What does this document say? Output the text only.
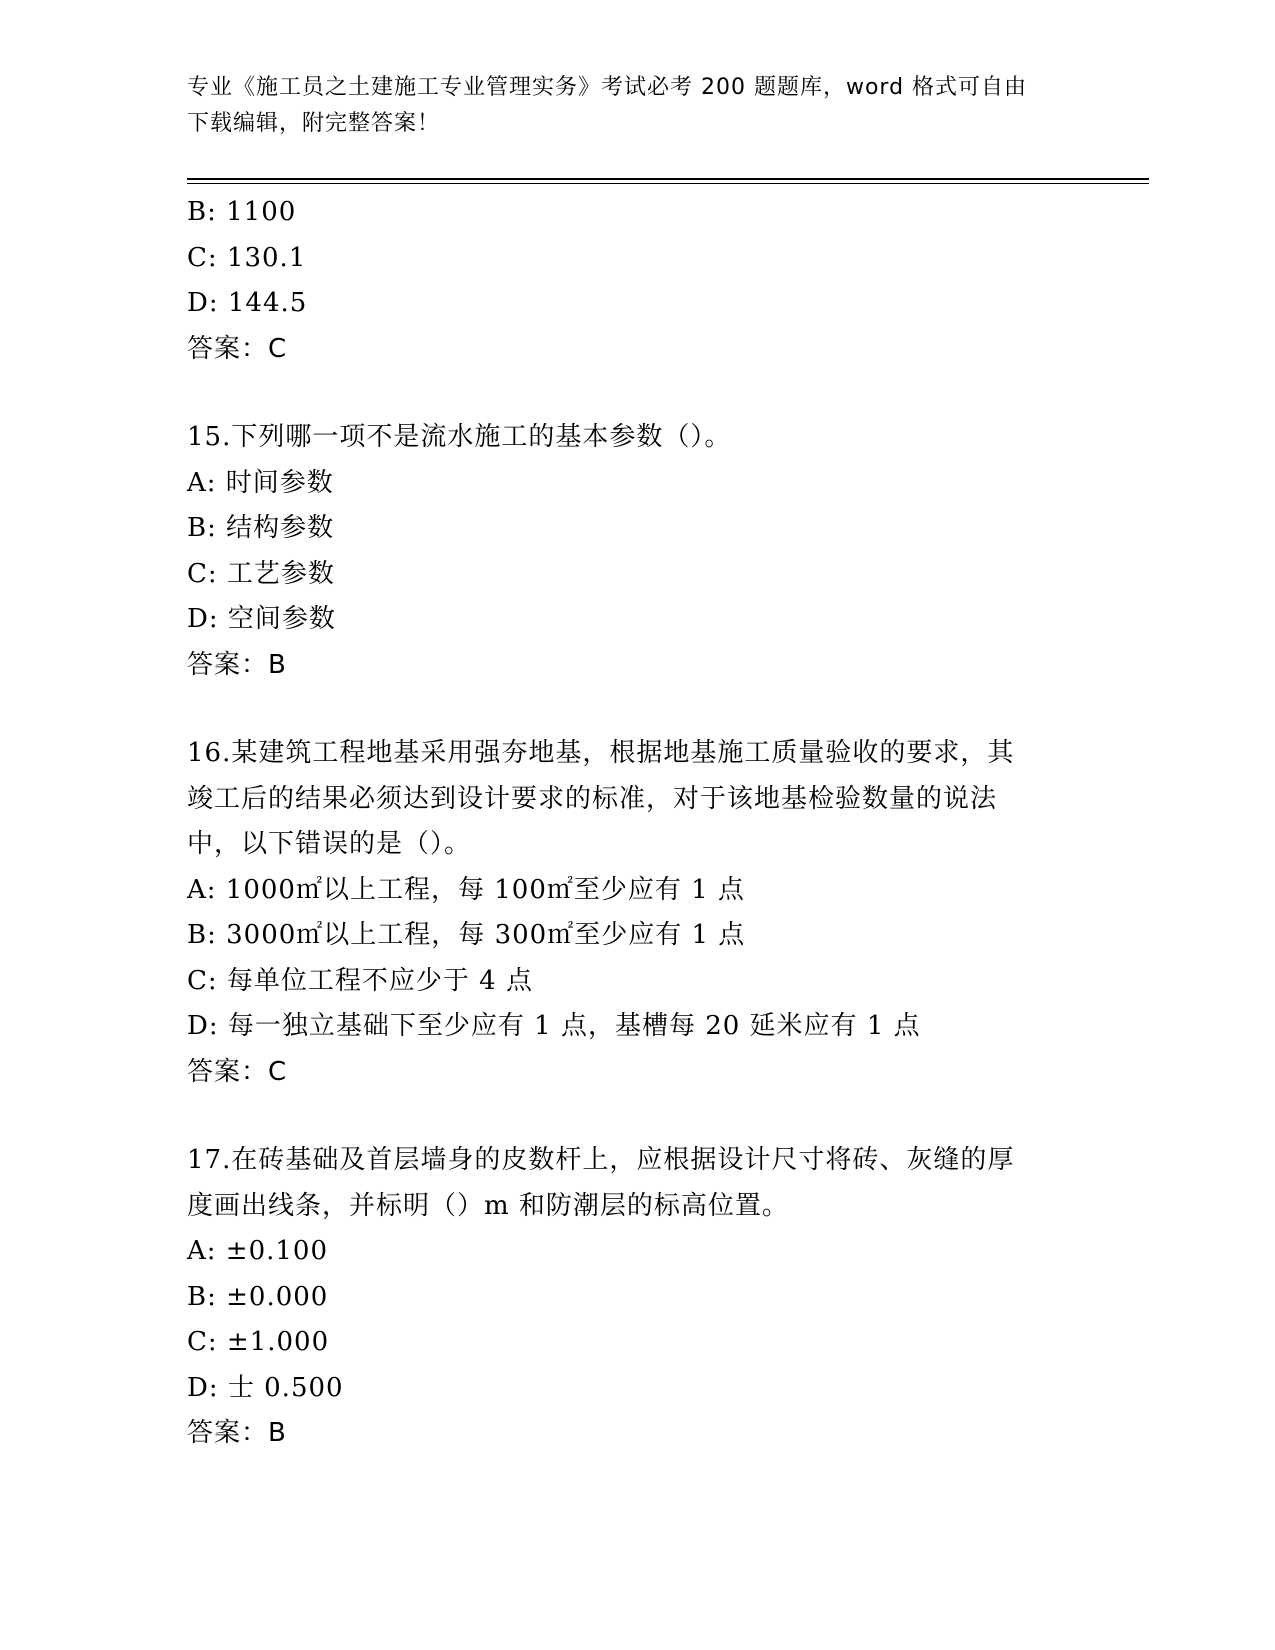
专业《施工员之土建施工专业管理实务》考试必考 200 题题库，word 格式可自由
下载编辑，附完整答案！
B: 1100
C: 130.1
D: 144.5
答案：C
15.下列哪一项不是流水施工的基本参数（）。
A: 时间参数
B: 结构参数
C: 工艺参数
D: 空间参数
答案：B
16.某建筑工程地基采用强夯地基，根据地基施工质量验收的要求，其
竣工后的结果必须达到设计要求的标准，对于该地基检验数量的说法
中，以下错误的是（）。
A: 1000㎡以上工程，每 100㎡至少应有 1 点
B: 3000㎡以上工程，每 300㎡至少应有 1 点
C: 每单位工程不应少于 4 点
D: 每一独立基础下至少应有 1 点，基槽每 20 延米应有 1 点
答案：C
17.在砖基础及首层墙身的皮数杆上，应根据设计尺寸将砖、灰缝的厚
度画出线条，并标明（）m 和防潮层的标高位置。
A: ±0.100
B: ±0.000
C: ±1.000
D: 士 0.500
答案：B
